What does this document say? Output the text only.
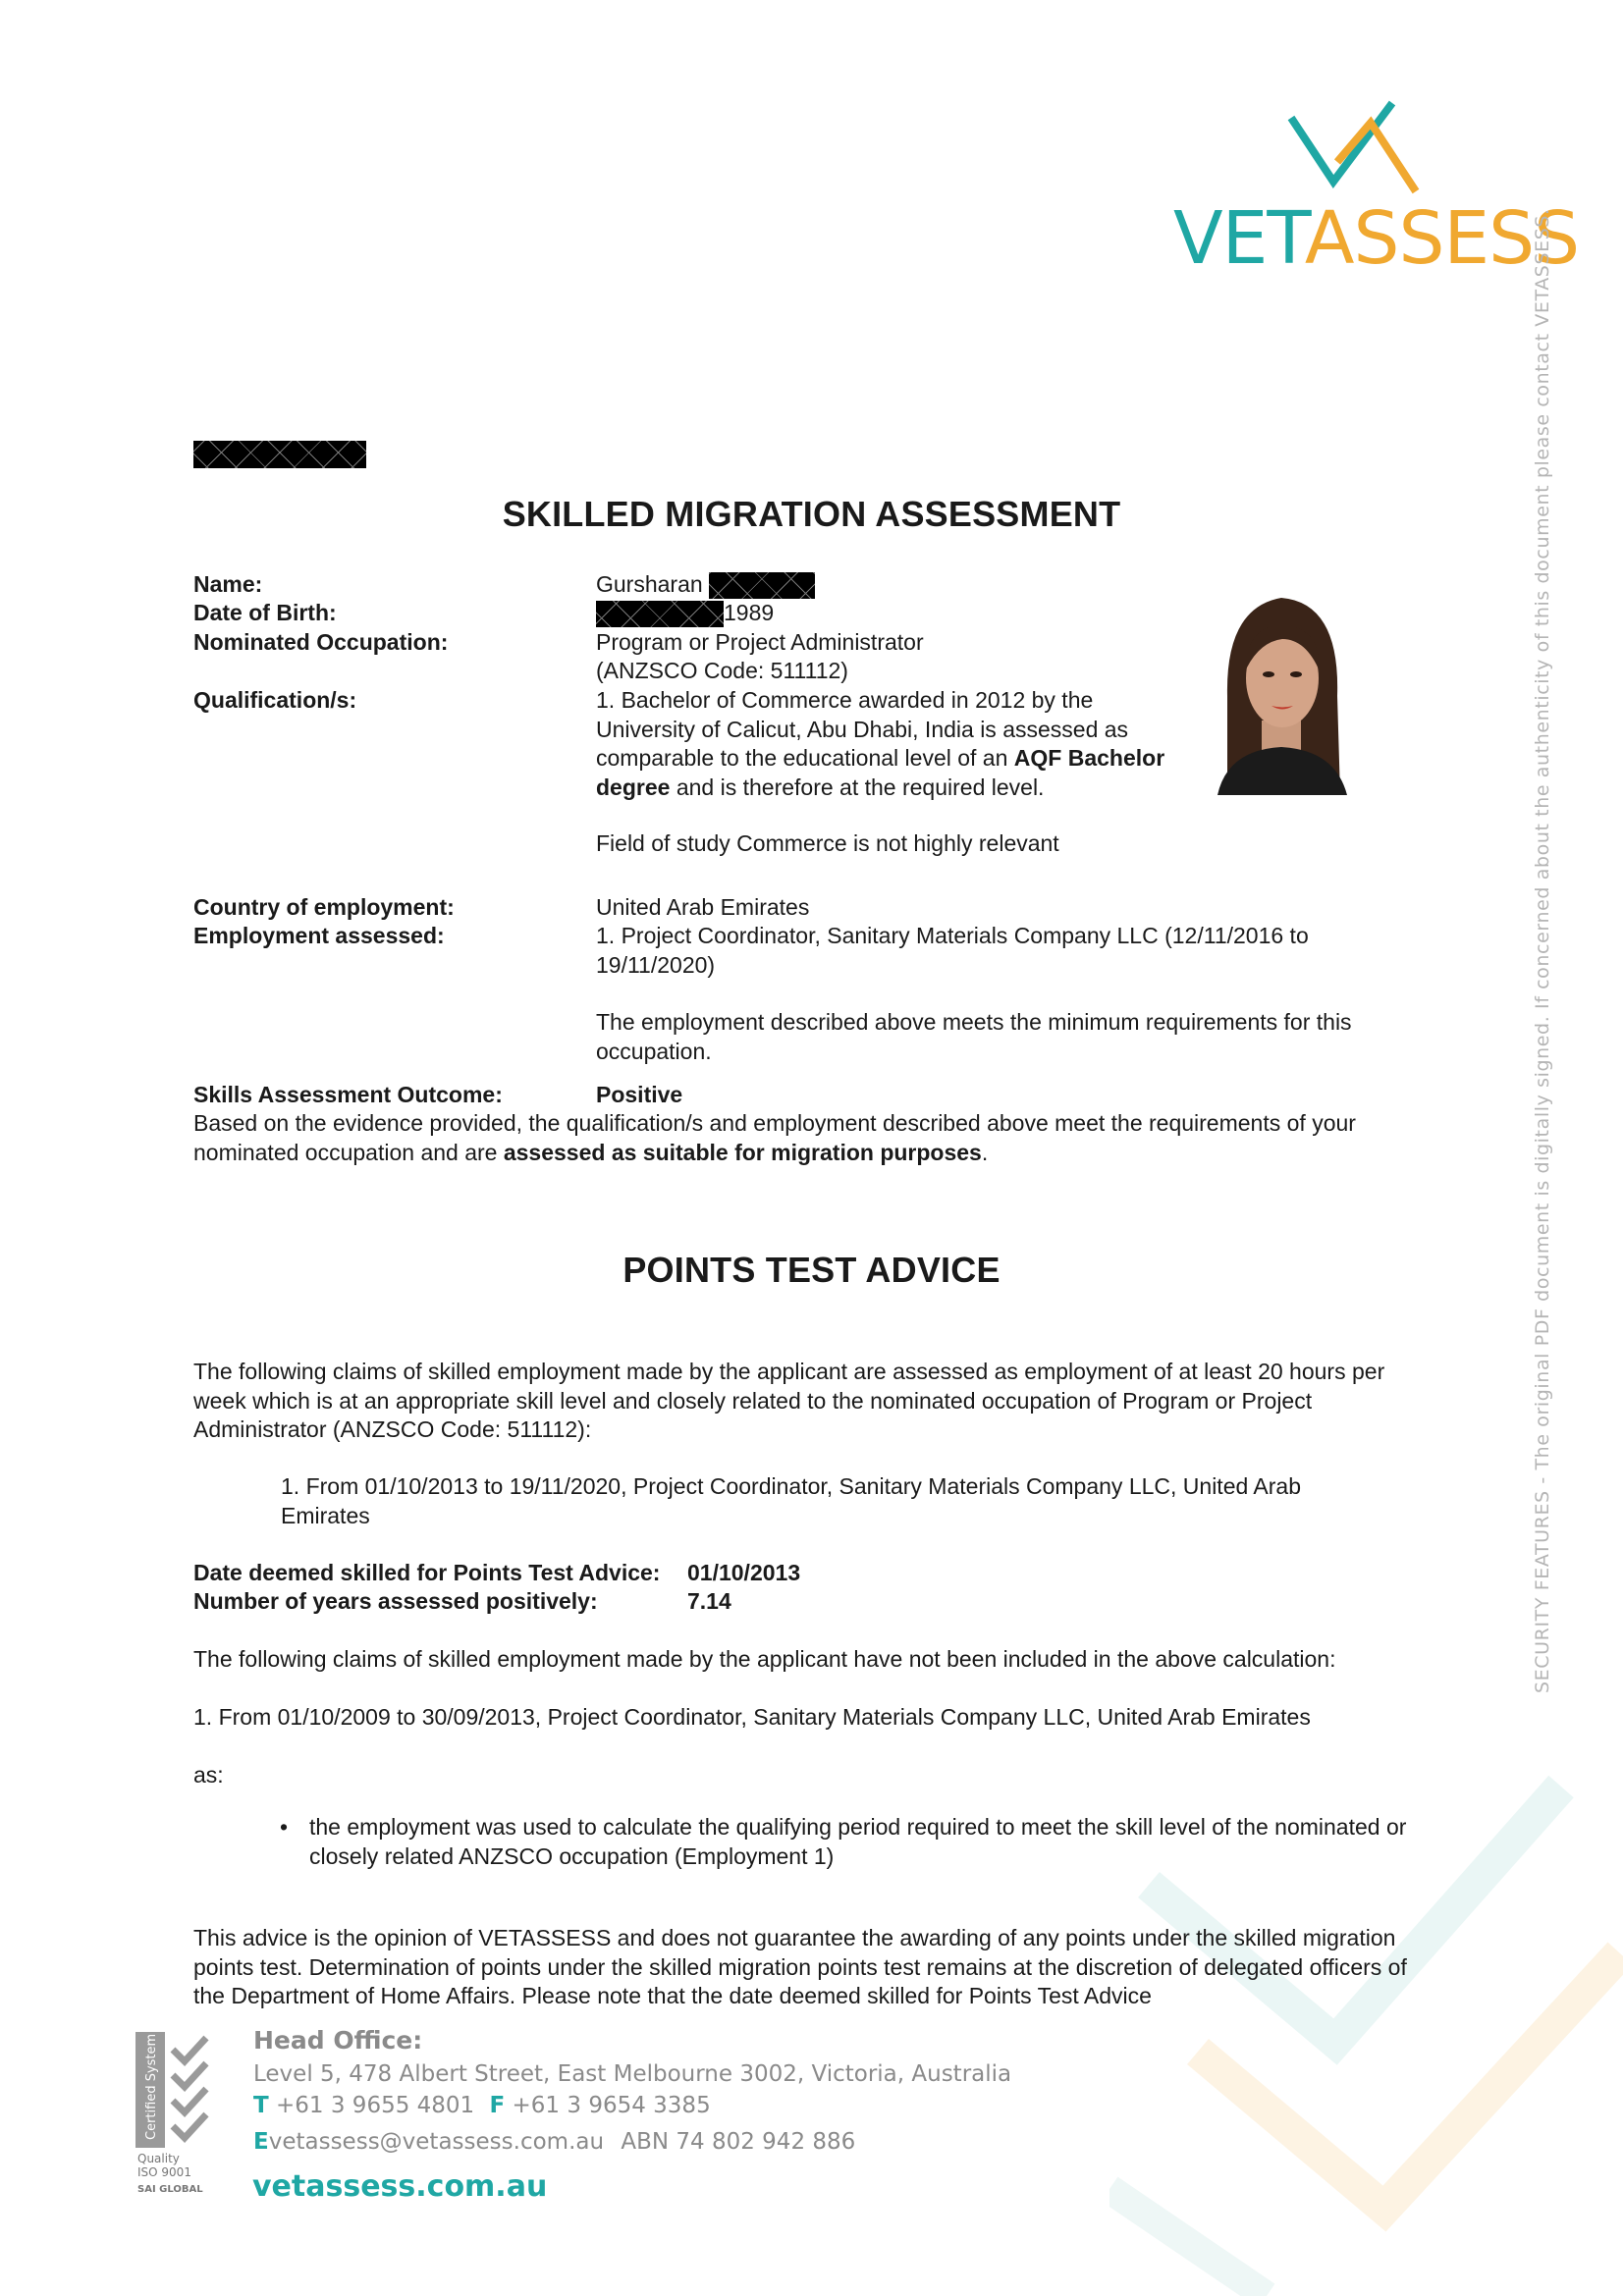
VETASSESS
SECURITY FEATURES - The original PDF document is digitally signed. If concerned about the authenticity of this document please contact VETASSESS.
SKILLED MIGRATION ASSESSMENT
Name:	Gursharan
Date of Birth:	1989
Nominated Occupation:	Program or Project Administrator
(ANZSCO Code: 511112)
Qualification/s:	1. Bachelor of Commerce awarded in 2012 by the University of Calicut, Abu Dhabi, India is assessed as comparable to the educational level of an AQF Bachelor degree and is therefore at the required level.
Field of study Commerce is not highly relevant
Country of employment:	United Arab Emirates
Employment assessed:	1. Project Coordinator, Sanitary Materials Company LLC (12/11/2016 to 19/11/2020)
The employment described above meets the minimum requirements for this occupation.
Skills Assessment Outcome:	Positive
Based on the evidence provided, the qualification/s and employment described above meet the requirements of your nominated occupation and are assessed as suitable for migration purposes.
POINTS TEST ADVICE
The following claims of skilled employment made by the applicant are assessed as employment of at least 20 hours per week which is at an appropriate skill level and closely related to the nominated occupation of Program or Project Administrator (ANZSCO Code: 511112):
1. From 01/10/2013 to 19/11/2020, Project Coordinator, Sanitary Materials Company LLC, United Arab Emirates
Date deemed skilled for Points Test Advice: 01/10/2013
Number of years assessed positively:	7.14
The following claims of skilled employment made by the applicant have not been included in the above calculation:
1. From 01/10/2009 to 30/09/2013, Project Coordinator, Sanitary Materials Company LLC, United Arab Emirates
as:
• the employment was used to calculate the qualifying period required to meet the skill level of the nominated or closely related ANZSCO occupation (Employment 1)
This advice is the opinion of VETASSESS and does not guarantee the awarding of any points under the skilled migration points test. Determination of points under the skilled migration points test remains at the discretion of delegated officers of the Department of Home Affairs. Please note that the date deemed skilled for Points Test Advice
Certified System
Quality
ISO 9001
SAI GLOBAL
Head Office:
Level 5, 478 Albert Street, East Melbourne 3002, Victoria, Australia
T +61 3 9655 4801 F +61 3 9654 3385
Evetassess@vetassess.com.au ABN 74 802 942 886
vetassess.com.au
